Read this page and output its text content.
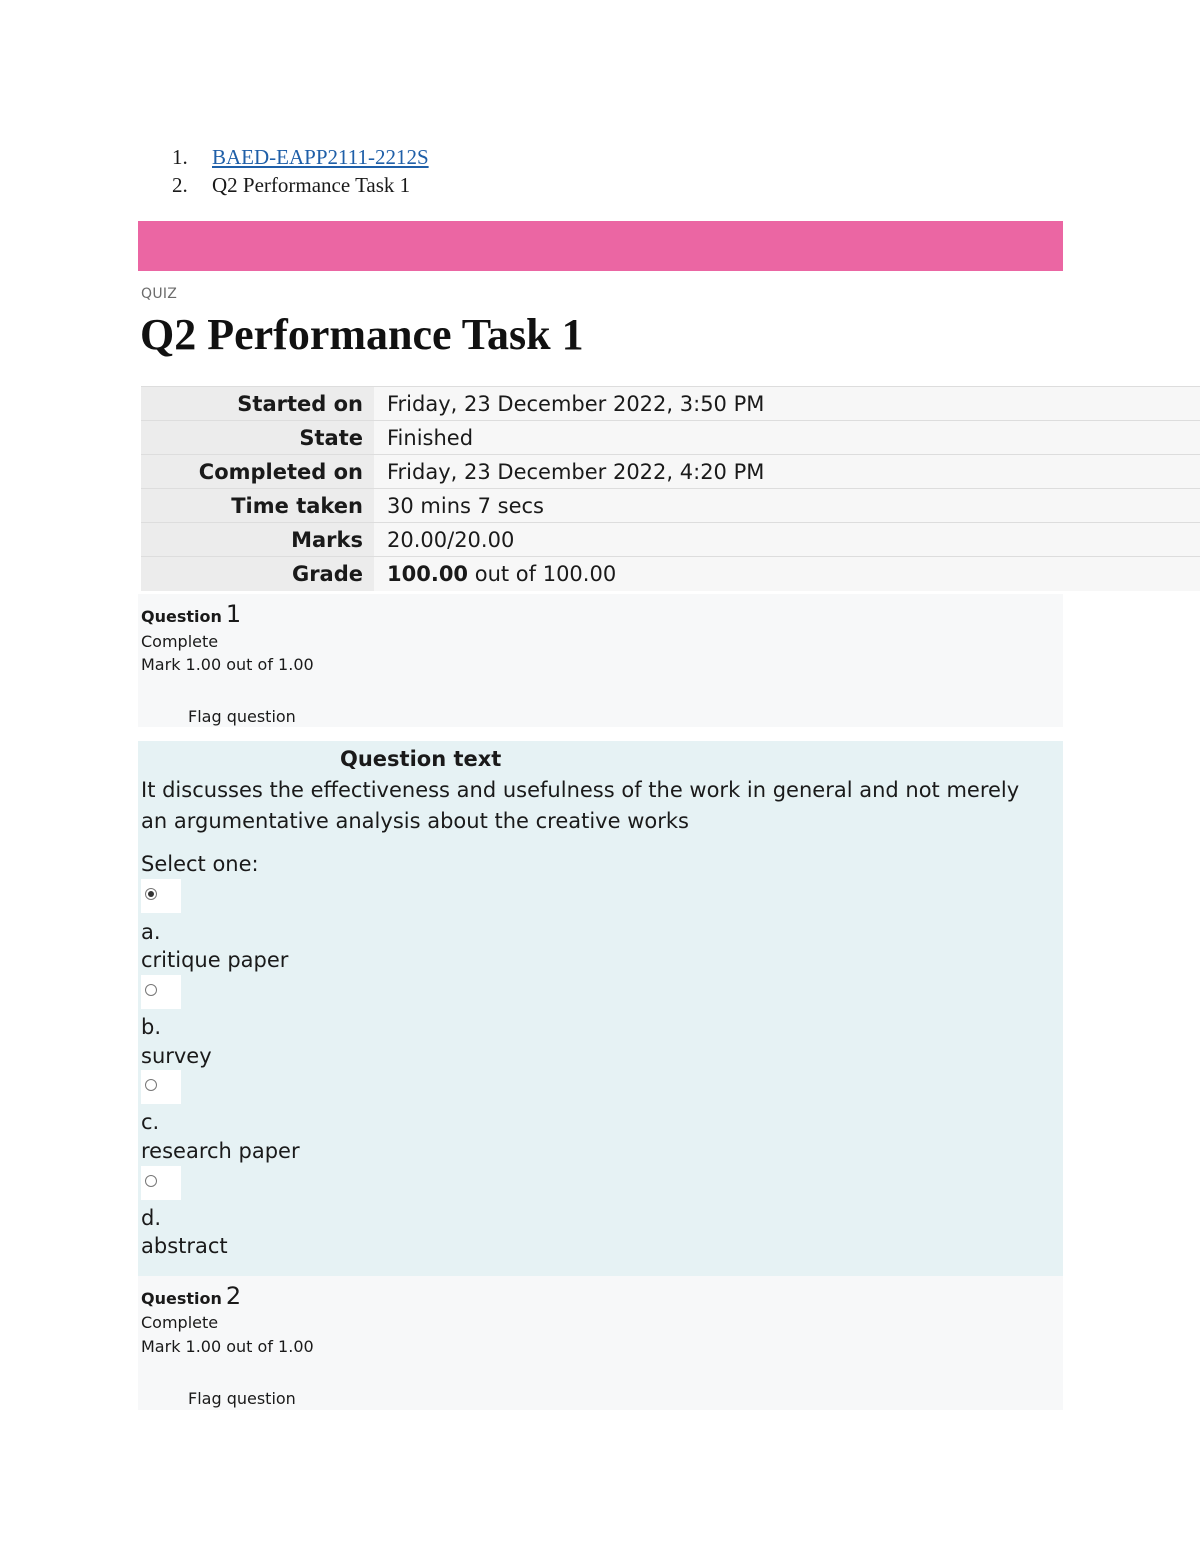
1.	BAED-EAPP2111-2212S
2.	Q2 Performance Task 1
QUIZ
Q2 Performance Task 1
Started on	Friday, 23 December 2022, 3:50 PM
State	Finished
Completed on	Friday, 23 December 2022, 4:20 PM
Time taken	30 mins 7 secs
Marks	20.00/20.00
Grade	100.00 out of 100.00
Question 1
Complete
Mark 1.00 out of 1.00
Flag question
Question text
It discusses the effectiveness and usefulness of the work in general and not merely an argumentative analysis about the creative works
Select one:
a.
critique paper
b.
survey
c.
research paper
d.
abstract
Question 2
Complete
Mark 1.00 out of 1.00
Flag question
